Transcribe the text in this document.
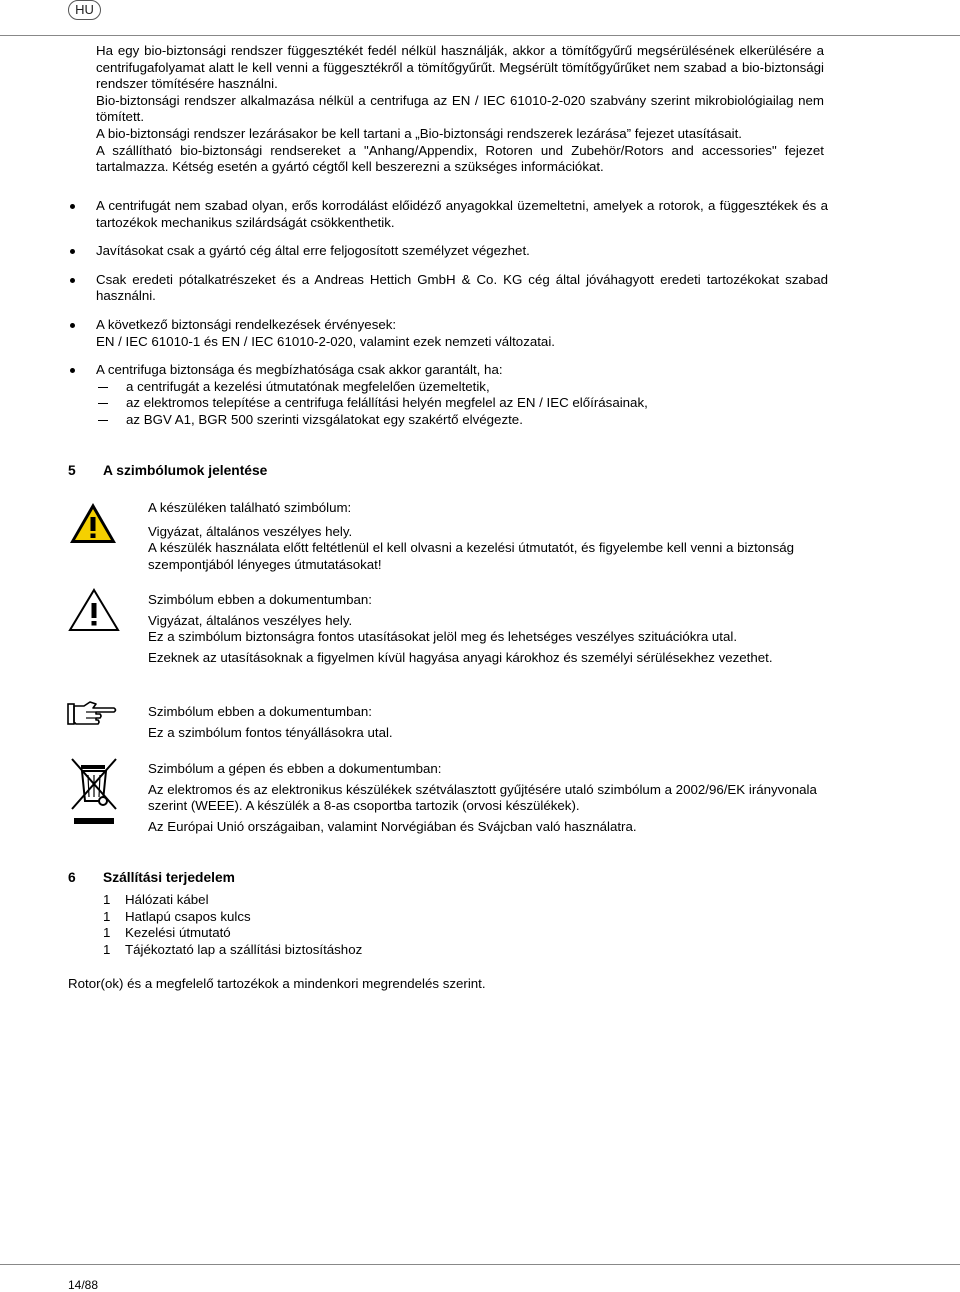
HU

Ha egy bio-biztonsági rendszer függesztékét fedél nélkül használják, akkor a tömítőgyűrű megsérülésének elkerülésére a centrifugafolyamat alatt le kell venni a függesztékről a tömítőgyűrűt. Megsérült tömítőgyűrűket nem szabad a bio-biztonsági rendszer tömítésére használni.

Bio-biztonsági rendszer alkalmazása nélkül a centrifuga az EN / IEC 61010-2-020 szabvány szerint mikrobiológiailag nem tömített.

A bio-biztonsági rendszer lezárásakor be kell tartani a „Bio-biztonsági rendszerek lezárása” fejezet utasításait.

A szállítható bio-biztonsági rendsereket a "Anhang/Appendix, Rotoren und Zubehör/Rotors and accessories" fejezet tartalmazza. Kétség esetén a gyártó cégtől kell beszerezni a szükséges információkat.

A centrifugát nem szabad olyan, erős korrodálást előidéző anyagokkal üzemeltetni, amelyek a rotorok, a függesztékek és a tartozékok mechanikus szilárdságát csökkenthetik.
Javításokat csak a gyártó cég által erre feljogosított személyzet végezhet.
Csak eredeti pótalkatrészeket és a Andreas Hettich GmbH & Co. KG cég által jóváhagyott eredeti tartozékokat szabad használni.
A következő biztonsági rendelkezések érvényesek:
EN / IEC 61010-1 és EN / IEC 61010-2-020, valamint ezek nemzeti változatai.
A centrifuga biztonsága és megbízhatósága csak akkor garantált, ha:
a centrifugát a kezelési útmutatónak megfelelően üzemeltetik,
az elektromos telepítése a centrifuga felállítási helyén megfelel az EN / IEC előírásainak,
az BGV A1, BGR 500 szerinti vizsgálatokat egy szakértő elvégezte.
5 A szimbólumok jelentése

A készüléken található szimbólum:

Vigyázat, általános veszélyes hely.

A készülék használata előtt feltétlenül el kell olvasni a kezelési útmutatót, és figyelembe kell venni a biztonság szempontjából lényeges útmutatásokat!

Szimbólum ebben a dokumentumban:

Vigyázat, általános veszélyes hely.

Ez a szimbólum biztonságra fontos utasításokat jelöl meg és lehetséges veszélyes szituációkra utal.

Ezeknek az utasításoknak a figyelmen kívül hagyása anyagi károkhoz és személyi sérülésekhez vezethet.

Szimbólum ebben a dokumentumban:

Ez a szimbólum fontos tényállásokra utal.

Szimbólum a gépen és ebben a dokumentumban:

Az elektromos és az elektronikus készülékek szétválasztott gyűjtésére utaló szimbólum a 2002/96/EK irányvonala szerint (WEEE). A készülék a 8-as csoportba tartozik (orvosi készülékek).

Az Európai Unió országaiban, valamint Norvégiában és Svájcban való használatra.

6 Szállítási terjedelem
1 Hálózati kábel
1 Hatlapú csapos kulcs
1 Kezelési útmutató
1 Tájékoztató lap a szállítási biztosításhoz
Rotor(ok) és a megfelelő tartozékok a mindenkori megrendelés szerint.
14/88
